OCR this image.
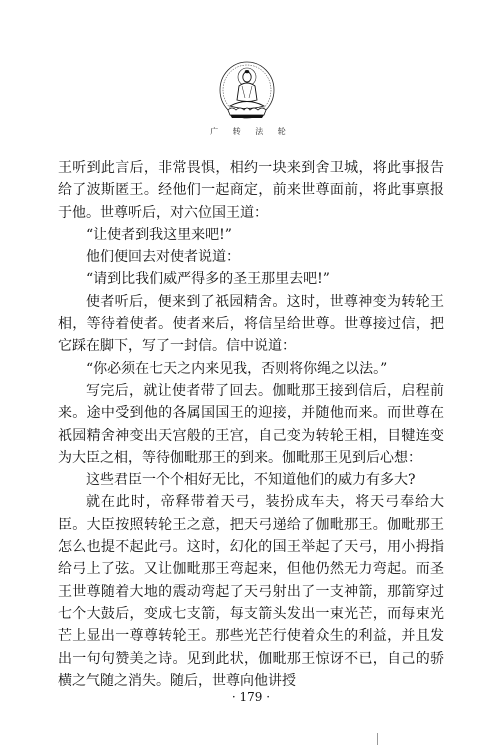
广 转 法 轮

王听到此言后，非常畏惧，相约一块来到舍卫城，将此事报告给了波斯匿王。经他们一起商定，前来世尊面前，将此事禀报于他。世尊听后，对六位国王道：

“让使者到我这里来吧!”

他们便回去对使者说道：

“请到比我们威严得多的圣王那里去吧!”

使者听后，便来到了祇园精舍。这时，世尊神变为转轮王相，等待着使者。使者来后，将信呈给世尊。世尊接过信，把它踩在脚下，写了一封信。信中说道：

“你必须在七天之内来见我，否则将你绳之以法。”

写完后，就让使者带了回去。伽毗那王接到信后，启程前来。途中受到他的各属国国王的迎接，并随他而来。而世尊在祇园精舍神变出天宫般的王宫，自己变为转轮王相，目犍连变为大臣之相，等待伽毗那王的到来。伽毗那王见到后心想：

这些君臣一个个相好无比，不知道他们的威力有多大?

就在此时，帝释带着天弓，装扮成车夫，将天弓奉给大臣。大臣按照转轮王之意，把天弓递给了伽毗那王。伽毗那王怎么也提不起此弓。这时，幻化的国王举起了天弓，用小拇指给弓上了弦。又让伽毗那王弯起来，但他仍然无力弯起。而圣王世尊随着大地的震动弯起了天弓射出了一支神箭，那箭穿过七个大鼓后，变成七支箭，每支箭头发出一束光芒，而每束光芒上显出一尊尊转轮王。那些光芒行使着众生的利益，并且发出一句句赞美之诗。见到此状，伽毗那王惊讶不已，自己的骄横之气随之消失。随后，世尊向他讲授

· 179 ·
